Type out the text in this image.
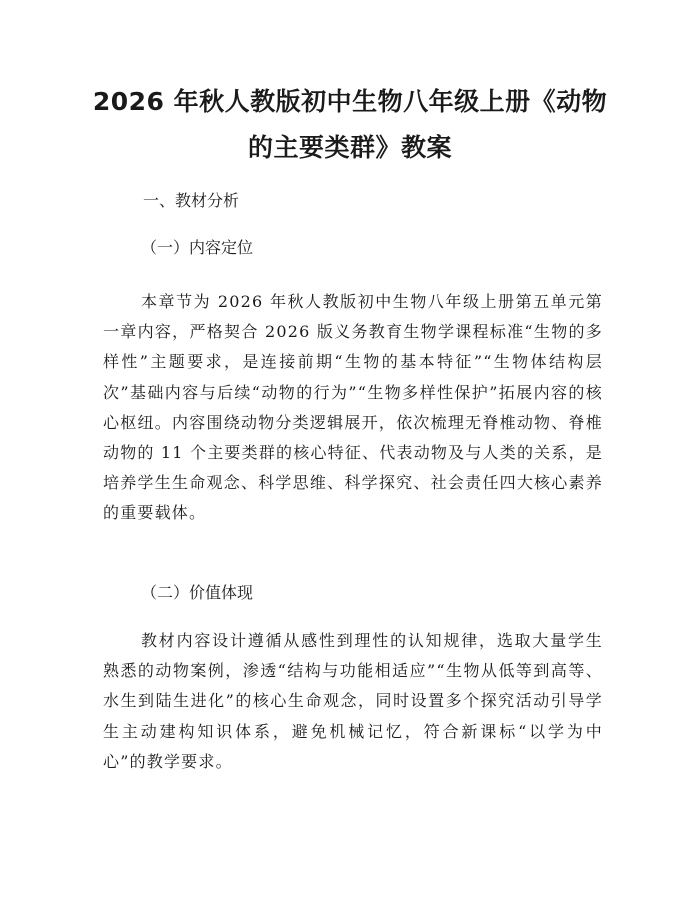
2026 年秋人教版初中生物八年级上册《动物
的主要类群》教案

一、教材分析

（一）内容定位

本章节为 2026 年秋人教版初中生物八年级上册第五单元第一章内容，严格契合 2026 版义务教育生物学课程标准“生物的多样性”主题要求，是连接前期“生物的基本特征”“生物体结构层次”基础内容与后续“动物的行为”“生物多样性保护”拓展内容的核心枢纽。内容围绕动物分类逻辑展开，依次梳理无脊椎动物、脊椎动物的 11 个主要类群的核心特征、代表动物及与人类的关系，是培养学生生命观念、科学思维、科学探究、社会责任四大核心素养的重要载体。

（二）价值体现

教材内容设计遵循从感性到理性的认知规律，选取大量学生熟悉的动物案例，渗透“结构与功能相适应”“生物从低等到高等、水生到陆生进化”的核心生命观念，同时设置多个探究活动引导学生主动建构知识体系，避免机械记忆，符合新课标“以学为中心”的教学要求。
